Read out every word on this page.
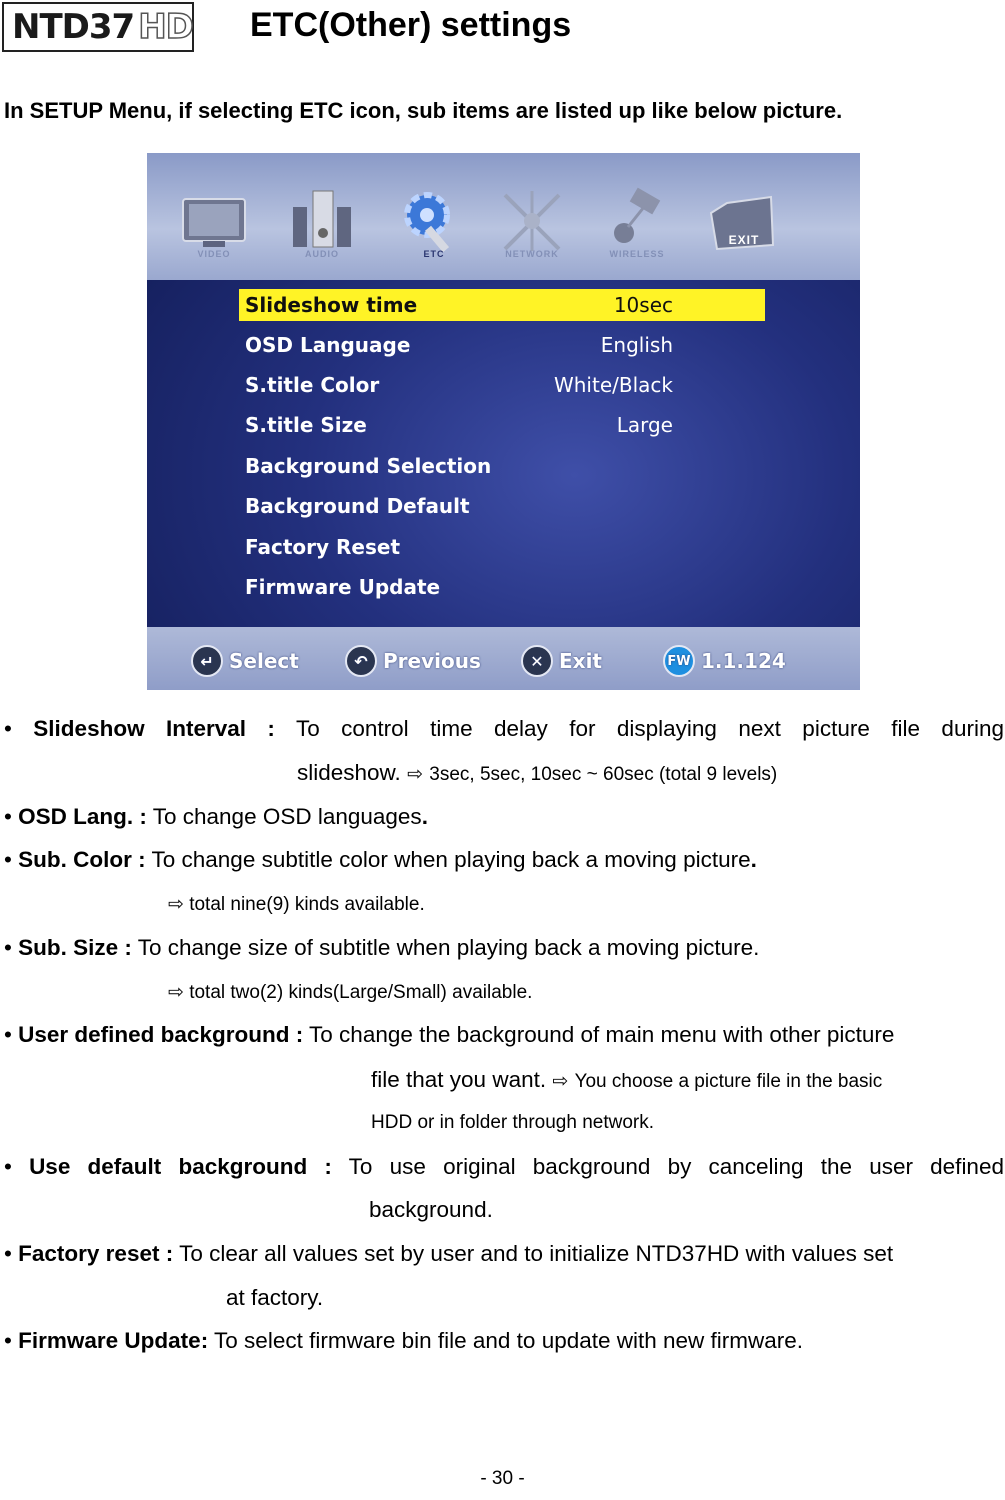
NTD37 HD ETC(Other) settings
In SETUP Menu, if selecting ETC icon, sub items are listed up like below picture.
VIDEO	AUDIO	ETC	NETWORK	WIRELESS
EXIT
Slideshow time	10sec
OSD Language	English
S.title Color	White/Black
S.title Size	Large
Background Selection
Background Default
Factory Reset
Firmware Update
↵ Select	↶ Previous	✕ Exit	FW 1.1.124
• Slideshow Interval : To control time delay for displaying next picture file during
slideshow. ⇨ 3sec, 5sec, 10sec ~ 60sec (total 9 levels)
• OSD Lang. : To change OSD languages.
• Sub. Color : To change subtitle color when playing back a moving picture.
⇨ total nine(9) kinds available.
• Sub. Size : To change size of subtitle when playing back a moving picture.
⇨ total two(2) kinds(Large/Small) available.
• User defined background : To change the background of main menu with other picture
file that you want. ⇨ You choose a picture file in the basic
HDD or in folder through network.
• Use default background : To use original background by canceling the user defined
background.
• Factory reset : To clear all values set by user and to initialize NTD37HD with values set
at factory.
• Firmware Update: To select firmware bin file and to update with new firmware.
- 30 -
